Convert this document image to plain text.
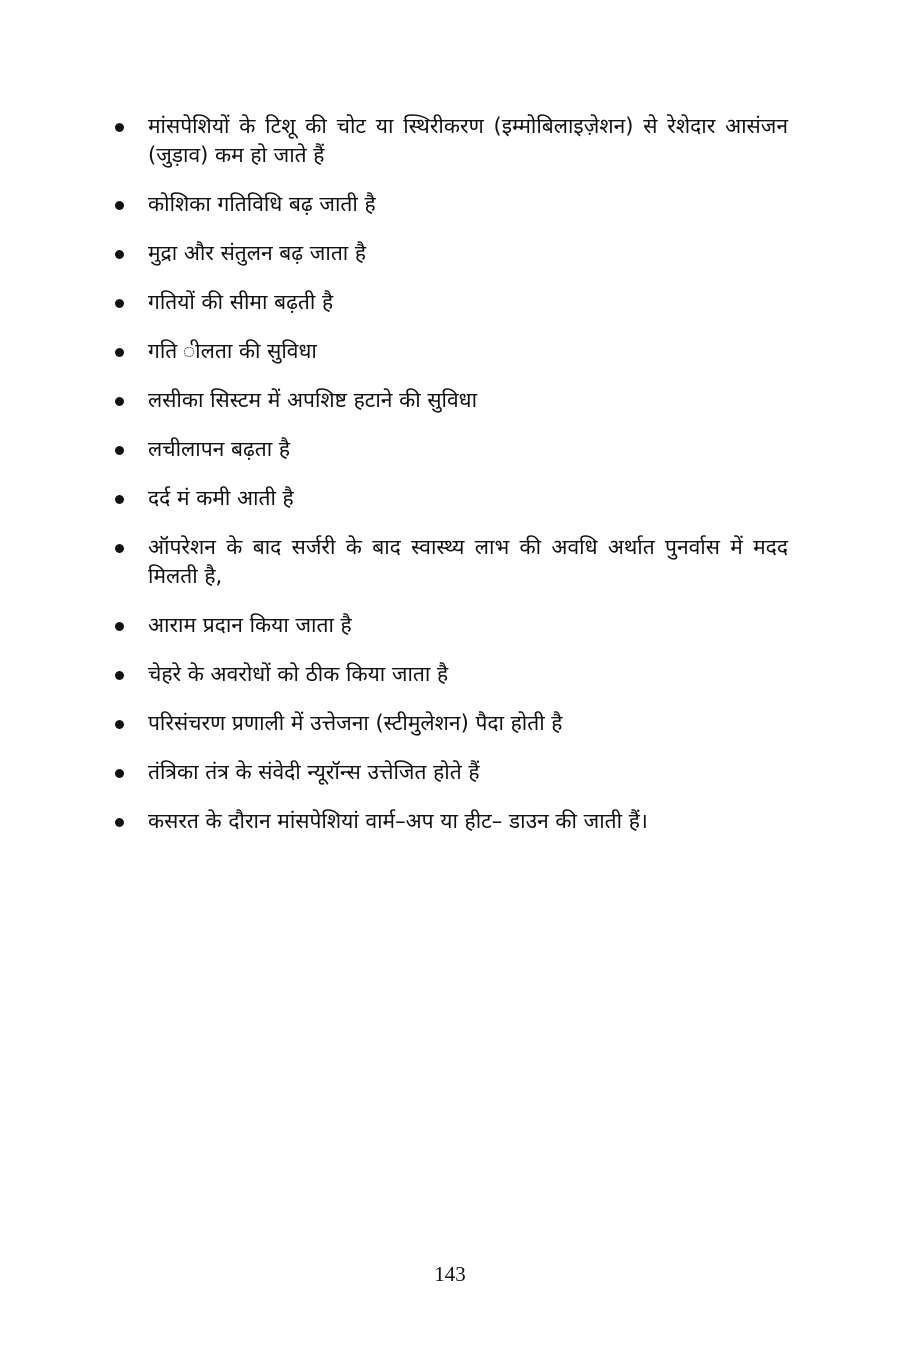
मांसपेशियों के टिशू की चोट या स्थिरीकरण (इम्मोबिलाइज़ेशन) से रेशेदार आसंजन (जुड़ाव) कम हो जाते हैं
कोशिका गतिविधि बढ़ जाती है
मुद्रा और संतुलन बढ़ जाता है
गतियों की सीमा बढ़ती है
गति ीलता की सुविधा
लसीका सिस्टम में अपशिष्ट हटाने की सुविधा
लचीलापन बढ़ता है
दर्द मं कमी आती है
ऑपरेशन के बाद सर्जरी के बाद स्वास्थ्य लाभ की अवधि अर्थात पुनर्वास में मदद मिलती है,
आराम प्रदान किया जाता है
चेहरे के अवरोधों को ठीक किया जाता है
परिसंचरण प्रणाली में उत्तेजना (स्टीमुलेशन) पैदा होती है
तंत्रिका तंत्र के संवेदी न्यूरॉन्स उत्तेजित होते हैं
कसरत के दौरान मांसपेशियां वार्म–अप या हीट– डाउन की जाती हैं।
143
